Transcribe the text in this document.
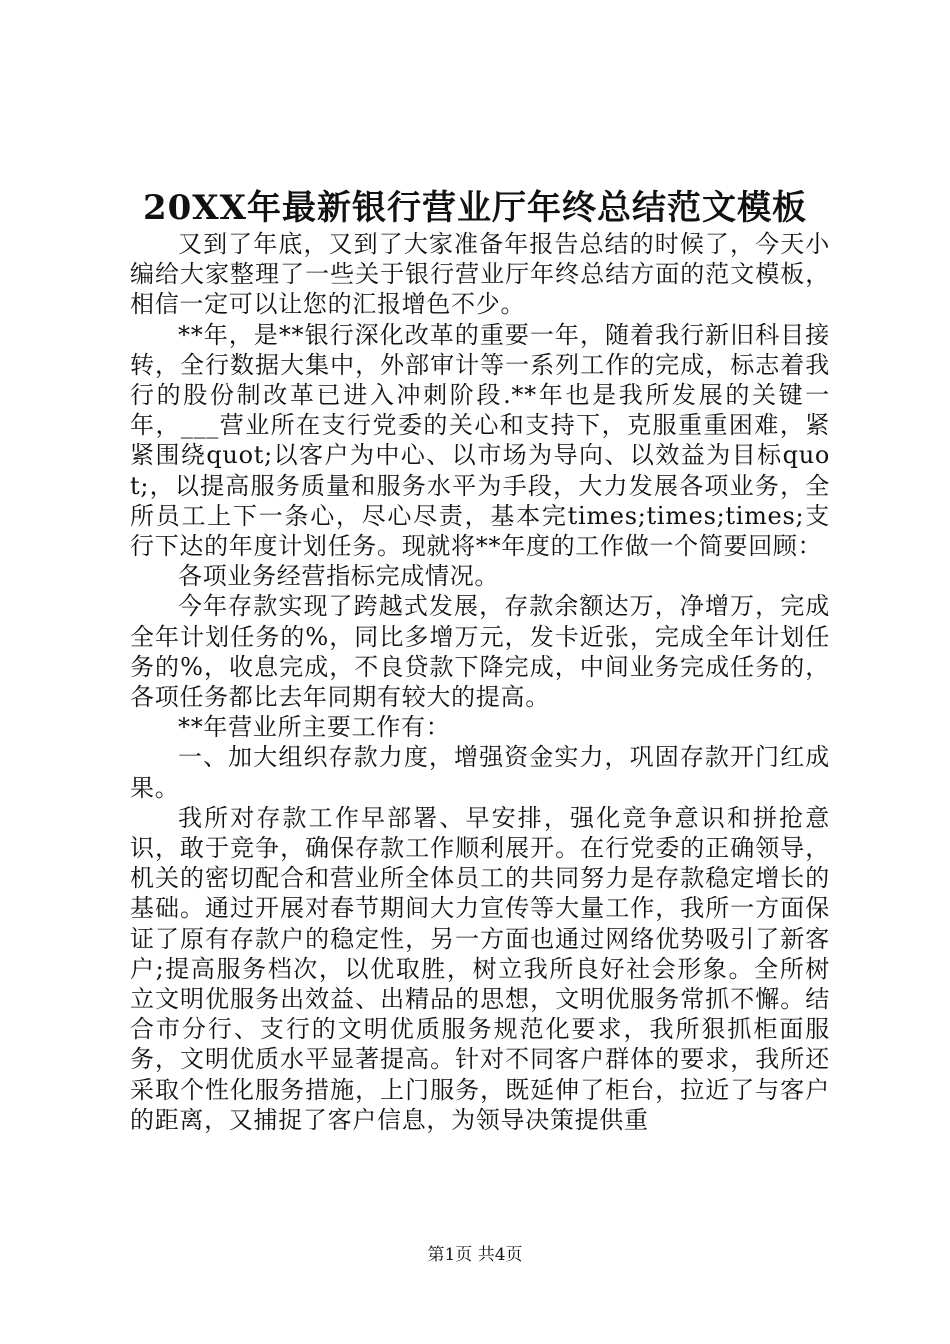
20XX年最新银行营业厅年终总结范文模板

又到了年底，又到了大家准备年报告总结的时候了，今天小编给大家整理了一些关于银行营业厅年终总结方面的范文模板，相信一定可以让您的汇报增色不少。

**年，是**银行深化改革的重要一年，随着我行新旧科目接转，全行数据大集中，外部审计等一系列工作的完成，标志着我行的股份制改革已进入冲刺阶段.**年也是我所发展的关键一年，___营业所在支行党委的关心和支持下，克服重重困难，紧紧围绕quot;以客户为中心、以市场为导向、以效益为目标quot;，以提高服务质量和服务水平为手段，大力发展各项业务，全所员工上下一条心，尽心尽责，基本完times;times;times;支行下达的年度计划任务。现就将**年度的工作做一个简要回顾：

各项业务经营指标完成情况。

今年存款实现了跨越式发展，存款余额达万，净增万，完成全年计划任务的%，同比多增万元，发卡近张，完成全年计划任务的%，收息完成，不良贷款下降完成，中间业务完成任务的，各项任务都比去年同期有较大的提高。

**年营业所主要工作有：

一、加大组织存款力度，增强资金实力，巩固存款开门红成果。

我所对存款工作早部署、早安排，强化竞争意识和拼抢意识，敢于竞争，确保存款工作顺利展开。在行党委的正确领导，机关的密切配合和营业所全体员工的共同努力是存款稳定增长的基础。通过开展对春节期间大力宣传等大量工作，我所一方面保证了原有存款户的稳定性，另一方面也通过网络优势吸引了新客户;提高服务档次，以优取胜，树立我所良好社会形象。全所树立文明优服务出效益、出精品的思想，文明优服务常抓不懈。结合市分行、支行的文明优质服务规范化要求，我所狠抓柜面服务，文明优质水平显著提高。针对不同客户群体的要求，我所还采取个性化服务措施，上门服务，既延伸了柜台，拉近了与客户的距离，又捕捉了客户信息，为领导决策提供重

第1页 共4页
